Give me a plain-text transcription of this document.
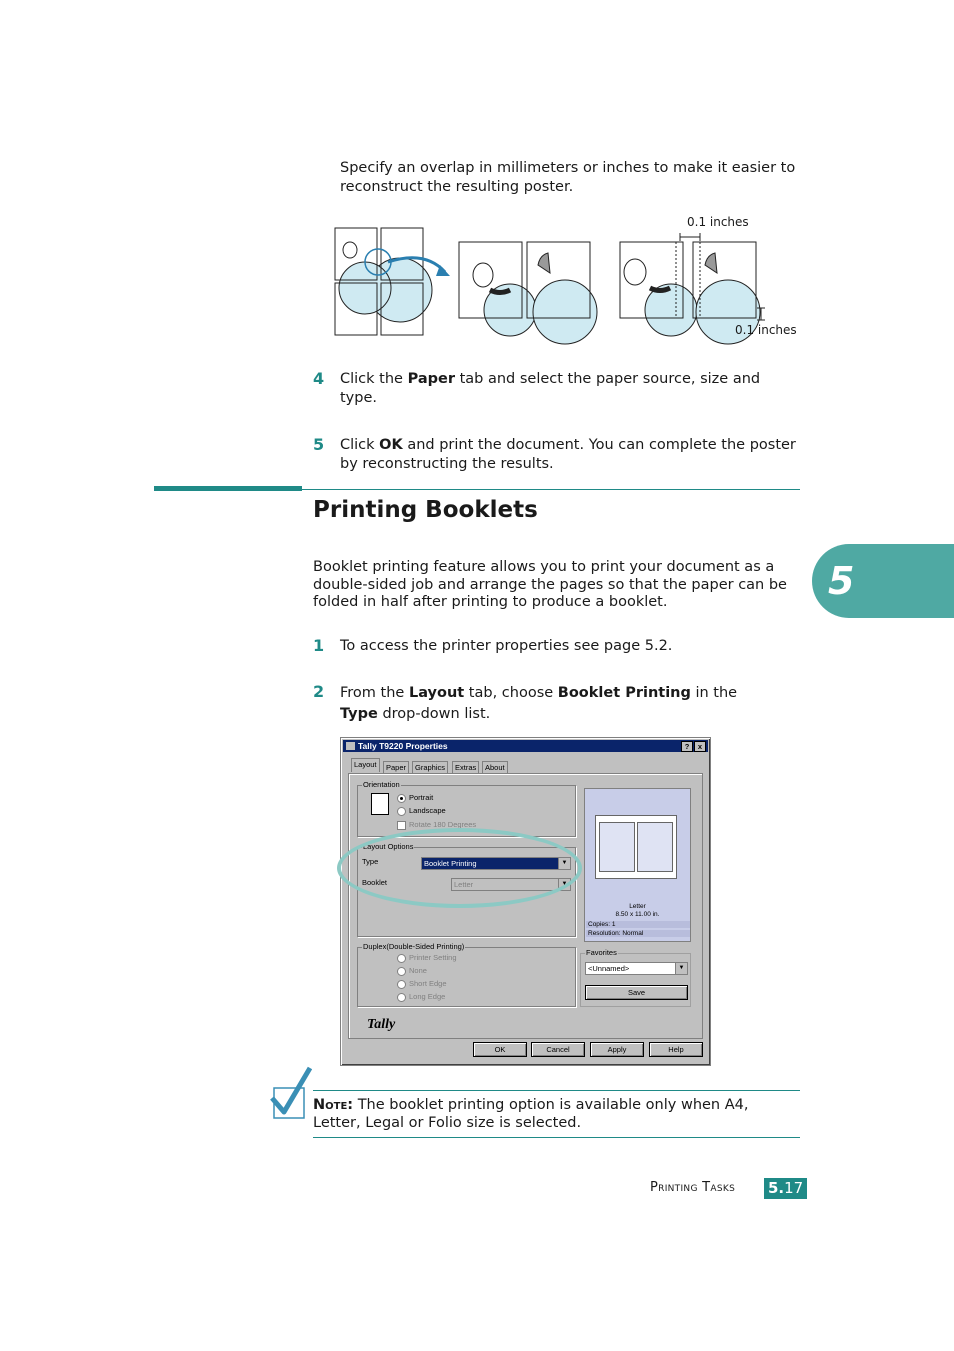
Specify an overlap in millimeters or inches to make it easier to reconstruct the resulting poster.
0.1 inches
0.1 inches
4 Click the Paper tab and select the paper source, size and type.
5 Click OK and print the document. You can complete the poster by reconstructing the results.
Printing Booklets
Booklet printing feature allows you to print your document as a double-sided job and arrange the pages so that the paper can be folded in half after printing to produce a booklet.
1 To access the printer properties see page 5.2.
2 From the Layout tab, choose Booklet Printing in the
Type drop-down list.
Tally T9220 Properties	?	x
Layout	Paper	Graphics	Extras	About
Orientation
Portrait
Landscape
Rotate 180 Degrees
Layout Options
Type	Booklet Printing	▼
Booklet	Letter	▼
Duplex(Double-Sided Printing)
Printer Setting
None
Short Edge
Long Edge
Letter
8.50 x 11.00 in.
Copies: 1
Resolution: Normal
Favorites
<Unnamed>	▼
Save
Tally
OK	Cancel	Apply	Help
Note: The booklet printing option is available only when A4, Letter, Legal or Folio size is selected.
Printing Tasks 5.17
5
